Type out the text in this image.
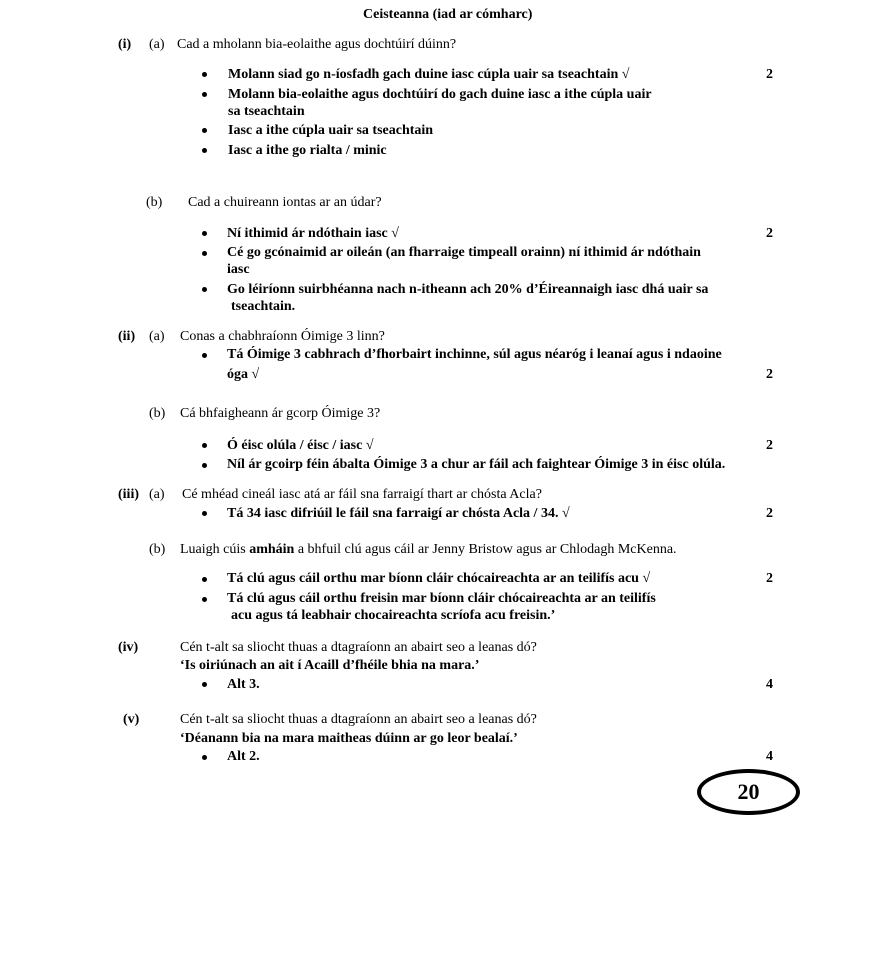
Ceisteanna (iad ar cómharc)
(i) (a) Cad a mholann bia-eolaithe agus dochtúirí dúinn?
Molann siad go n-íosfadh gach duine iasc cúpla uair sa tseachtain √	2
Molann bia-eolaithe agus dochtúirí do gach duine iasc a ithe cúpla uair
sa tseachtain
Iasc a ithe cúpla uair sa tseachtain
Iasc a ithe go rialta / minic
(b) Cad a chuireann iontas ar an údar?
Ní ithimid ár ndóthain iasc √	2
Cé go gcónaimid ar oileán (an fharraige timpeall orainn) ní ithimid ár ndóthain
iasc
Go léiríonn suirbhéanna nach n-itheann ach 20% d’Éireannaigh iasc dhá uair sa
tseachtain.
(ii) (a) Conas a chabhraíonn Óimige 3 linn?
Tá Óimige 3 cabhrach d’fhorbairt inchinne, súl agus néaróg i leanaí agus i ndaoine
óga √	2
(b) Cá bhfaigheann ár gcorp Óimige 3?
Ó éisc olúla / éisc / iasc √	2
Níl ár gcoirp féin ábalta Óimige 3 a chur ar fáil ach faightear Óimige 3 in éisc olúla.
(iii) (a) Cé mhéad cineál iasc atá ar fáil sna farraigí thart ar chósta Acla?
Tá 34 iasc difriúil le fáil sna farraigí ar chósta Acla / 34. √	2
(b) Luaigh cúis amháin a bhfuil clú agus cáil ar Jenny Bristow agus ar Chlodagh McKenna.
Tá clú agus cáil orthu mar bíonn cláir chócaireachta ar an teilifís acu √	2
Tá clú agus cáil orthu freisin mar bíonn cláir chócaireachta ar an teilifís
acu agus tá leabhair chocaireachta scríofa acu freisin.’
(iv)	Cén t-alt sa sliocht thuas a dtagraíonn an abairt seo a leanas dó?
‘Is oiriúnach an ait í Acaill d’fhéile bhia na mara.’
Alt 3.	4
(v)	Cén t-alt sa sliocht thuas a dtagraíonn an abairt seo a leanas dó?
‘Déanann bia na mara maitheas dúinn ar go leor bealaí.’
Alt 2.	4
20
